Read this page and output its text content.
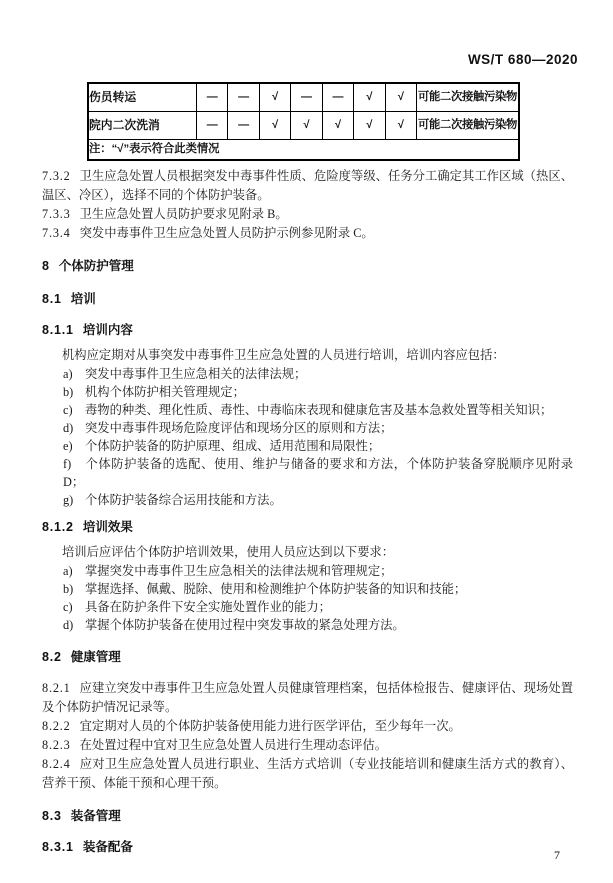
WS/T 680—2020
伤员转运	—	—	√	—	—	√	√	可能二次接触污染物
院内二次洗消	—	—	√	√	√	√	√	可能二次接触污染物
注：“√”表示符合此类情况								

7.3.2 卫生应急处置人员根据突发中毒事件性质、危险度等级、任务分工确定其工作区域（热区、温区、冷区），选择不同的个体防护装备。

7.3.3 卫生应急处置人员防护要求见附录 B。

7.3.4 突发中毒事件卫生应急处置人员防护示例参见附录 C。

8 个体防护管理
8.1 培训
8.1.1 培训内容

机构应定期对从事突发中毒事件卫生应急处置的人员进行培训，培训内容应包括：

a) 突发中毒事件卫生应急相关的法律法规；
b) 机构个体防护相关管理规定；
c) 毒物的种类、理化性质、毒性、中毒临床表现和健康危害及基本急救处置等相关知识；
d) 突发中毒事件现场危险度评估和现场分区的原则和方法；
e) 个体防护装备的防护原理、组成、适用范围和局限性；
f) 个体防护装备的选配、使用、维护与储备的要求和方法，个体防护装备穿脱顺序见附录 D；
g) 个体防护装备综合运用技能和方法。
8.1.2 培训效果

培训后应评估个体防护培训效果，使用人员应达到以下要求：

a) 掌握突发中毒事件卫生应急相关的法律法规和管理规定；
b) 掌握选择、佩戴、脱除、使用和检测维护个体防护装备的知识和技能；
c) 具备在防护条件下安全实施处置作业的能力；
d) 掌握个体防护装备在使用过程中突发事故的紧急处理方法。
8.2 健康管理

8.2.1 应建立突发中毒事件卫生应急处置人员健康管理档案，包括体检报告、健康评估、现场处置及个体防护情况记录等。

8.2.2 宜定期对人员的个体防护装备使用能力进行医学评估，至少每年一次。

8.2.3 在处置过程中宜对卫生应急处置人员进行生理动态评估。

8.2.4 应对卫生应急处置人员进行职业、生活方式培训（专业技能培训和健康生活方式的教育）、营养干预、体能干预和心理干预。

8.3 装备管理
8.3.1 装备配备
7
